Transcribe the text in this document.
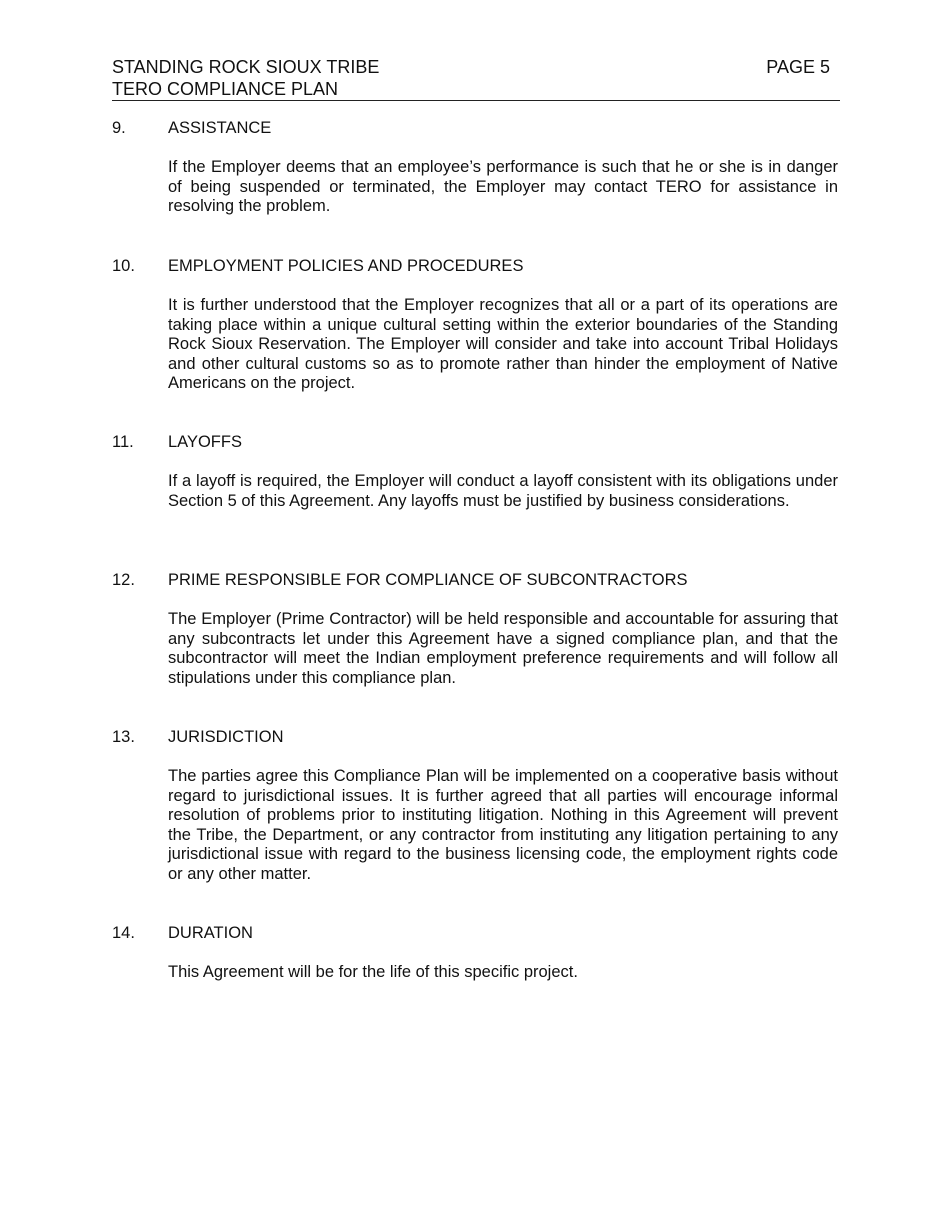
STANDING ROCK SIOUX TRIBE
TERO COMPLIANCE PLAN
PAGE 5
9.	ASSISTANCE
If the Employer deems that an employee’s performance is such that he or she is in danger of being suspended or terminated, the Employer may contact TERO for assistance in resolving the problem.
10. EMPLOYMENT POLICIES AND PROCEDURES
It is further understood that the Employer recognizes that all or a part of its operations are taking place within a unique cultural setting within the exterior boundaries of the Standing Rock Sioux Reservation. The Employer will consider and take into account Tribal Holidays and other cultural customs so as to promote rather than hinder the employment of Native Americans on the project.
11. LAYOFFS
If a layoff is required, the Employer will conduct a layoff consistent with its obligations under Section 5 of this Agreement. Any layoffs must be justified by business considerations.
12. PRIME RESPONSIBLE FOR COMPLIANCE OF SUBCONTRACTORS
The Employer (Prime Contractor) will be held responsible and accountable for assuring that any subcontracts let under this Agreement have a signed compliance plan, and that the subcontractor will meet the Indian employment preference requirements and will follow all stipulations under this compliance plan.
13. JURISDICTION
The parties agree this Compliance Plan will be implemented on a cooperative basis without regard to jurisdictional issues. It is further agreed that all parties will encourage informal resolution of problems prior to instituting litigation. Nothing in this Agreement will prevent the Tribe, the Department, or any contractor from instituting any litigation pertaining to any jurisdictional issue with regard to the business licensing code, the employment rights code or any other matter.
14. DURATION
This Agreement will be for the life of this specific project.
